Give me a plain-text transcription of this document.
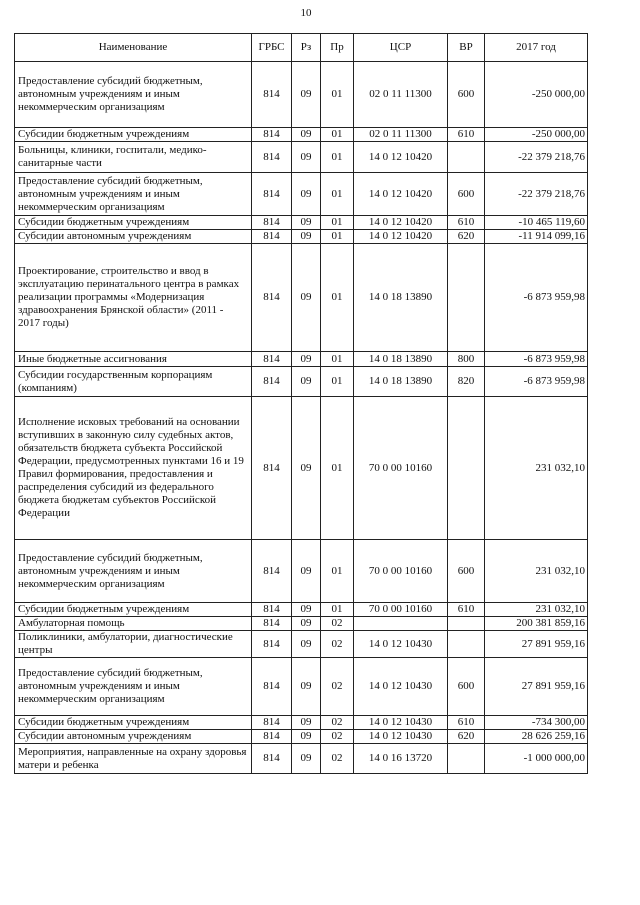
10
Наименование	ГРБС	Рз	Пр	ЦСР	ВР	2017 год
Предоставление субсидий бюджетным, автономным учреждениям и иным некоммерческим организациям	814	09	01	02 0 11 11300	600	-250 000,00
Субсидии бюджетным учреждениям	814	09	01	02 0 11 11300	610	-250 000,00
Больницы, клиники, госпитали, медико-санитарные части	814	09	01	14 0 12 10420		-22 379 218,76
Предоставление субсидий бюджетным, автономным учреждениям и иным некоммерческим организациям	814	09	01	14 0 12 10420	600	-22 379 218,76
Субсидии бюджетным учреждениям	814	09	01	14 0 12 10420	610	-10 465 119,60
Субсидии автономным учреждениям	814	09	01	14 0 12 10420	620	-11 914 099,16
Проектирование, строительство и ввод в эксплуатацию перинатального центра в рамках реализации программы «Модернизация здравоохранения Брянской области» (2011 - 2017 годы)	814	09	01	14 0 18 13890		-6 873 959,98
Иные бюджетные ассигнования	814	09	01	14 0 18 13890	800	-6 873 959,98
Субсидии государственным корпорациям (компаниям)	814	09	01	14 0 18 13890	820	-6 873 959,98
Исполнение исковых требований на основании вступивших в законную силу судебных актов, обязательств бюджета субъекта Российской Федерации, предусмотренных пунктами 16 и 19 Правил формирования, предоставления и распределения субсидий из федерального бюджета бюджетам субъектов Российской Федерации	814	09	01	70 0 00 10160		231 032,10
Предоставление субсидий бюджетным, автономным учреждениям и иным некоммерческим организациям	814	09	01	70 0 00 10160	600	231 032,10
Субсидии бюджетным учреждениям	814	09	01	70 0 00 10160	610	231 032,10
Амбулаторная помощь	814	09	02			200 381 859,16
Поликлиники, амбулатории, диагностические центры	814	09	02	14 0 12 10430		27 891 959,16
Предоставление субсидий бюджетным, автономным учреждениям и иным некоммерческим организациям	814	09	02	14 0 12 10430	600	27 891 959,16
Субсидии бюджетным учреждениям	814	09	02	14 0 12 10430	610	-734 300,00
Субсидии автономным учреждениям	814	09	02	14 0 12 10430	620	28 626 259,16
Мероприятия, направленные на охрану здоровья матери и ребенка	814	09	02	14 0 16 13720		-1 000 000,00
